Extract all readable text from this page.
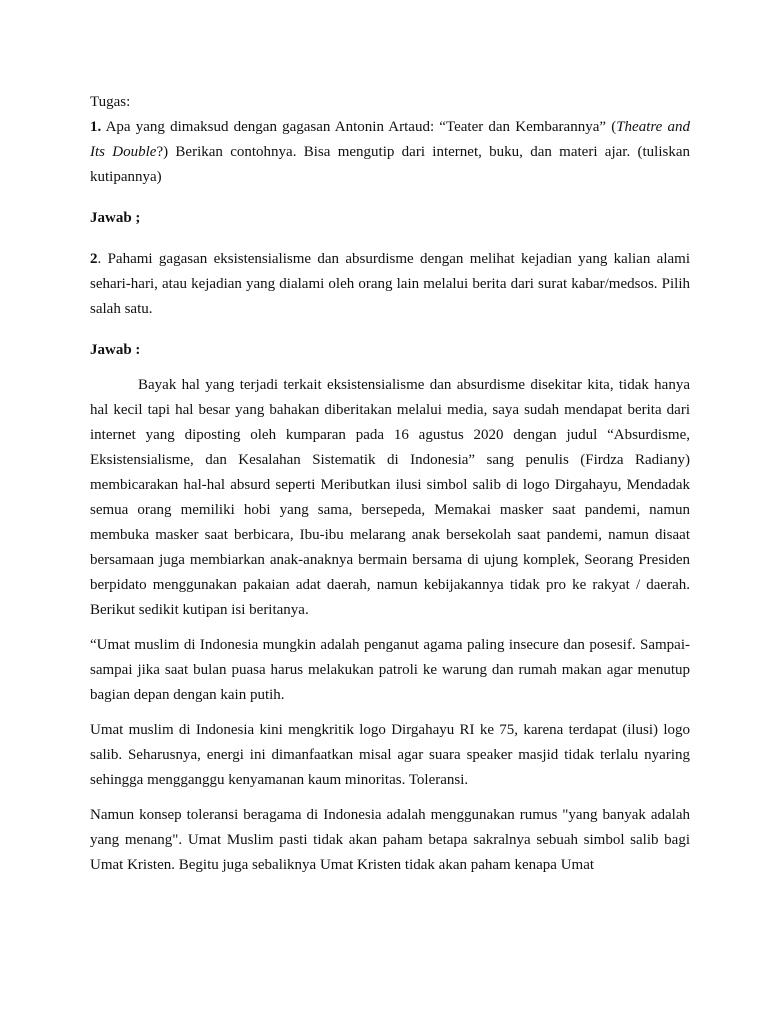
Tugas:

1. Apa yang dimaksud dengan gagasan Antonin Artaud: “Teater dan Kembarannya” (Theatre and Its Double?) Berikan contohnya. Bisa mengutip dari internet, buku, dan materi ajar. (tuliskan kutipannya)

Jawab ;

2. Pahami gagasan eksistensialisme dan absurdisme dengan melihat kejadian yang kalian alami sehari-hari, atau kejadian yang dialami oleh orang lain melalui berita dari surat kabar/medsos. Pilih salah satu.

Jawab :

Bayak hal yang terjadi terkait eksistensialisme dan absurdisme disekitar kita, tidak hanya hal kecil tapi hal besar yang bahakan diberitakan melalui media, saya sudah mendapat berita dari internet yang diposting oleh kumparan pada 16 agustus 2020 dengan judul “Absurdisme, Eksistensialisme, dan Kesalahan Sistematik di Indonesia” sang penulis (Firdza Radiany) membicarakan hal-hal absurd seperti Meributkan ilusi simbol salib di logo Dirgahayu, Mendadak semua orang memiliki hobi yang sama, bersepeda, Memakai masker saat pandemi, namun membuka masker saat berbicara, Ibu-ibu melarang anak bersekolah saat pandemi, namun disaat bersamaan juga membiarkan anak-anaknya bermain bersama di ujung komplek, Seorang Presiden berpidato menggunakan pakaian adat daerah, namun kebijakannya tidak pro ke rakyat / daerah. Berikut sedikit kutipan isi beritanya.

“Umat muslim di Indonesia mungkin adalah penganut agama paling insecure dan posesif. Sampai-sampai jika saat bulan puasa harus melakukan patroli ke warung dan rumah makan agar menutup bagian depan dengan kain putih.

Umat muslim di Indonesia kini mengkritik logo Dirgahayu RI ke 75, karena terdapat (ilusi) logo salib. Seharusnya, energi ini dimanfaatkan misal agar suara speaker masjid tidak terlalu nyaring sehingga mengganggu kenyamanan kaum minoritas. Toleransi.

Namun konsep toleransi beragama di Indonesia adalah menggunakan rumus "yang banyak adalah yang menang". Umat Muslim pasti tidak akan paham betapa sakralnya sebuah simbol salib bagi Umat Kristen. Begitu juga sebaliknya Umat Kristen tidak akan paham kenapa Umat
